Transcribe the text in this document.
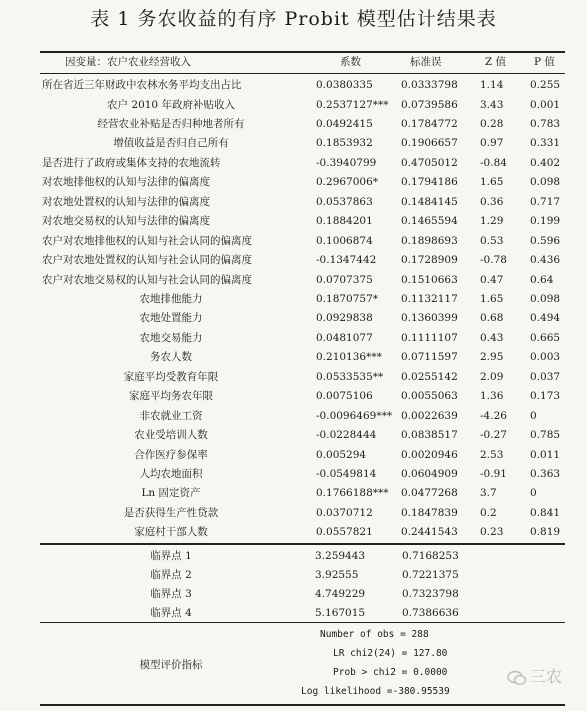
表 1 务农收益的有序 Probit 模型估计结果表
因变量：农户农业经营收入	系数	标准误	Z 值	P 值
所在省近三年财政中农林水务平均支出占比	0.0380335	0.0333798	1.14	0.255
农户 2010 年政府补贴收入	0.2537127***	0.0739586	3.43	0.001
经营农业补贴是否归种地者所有	0.0492415	0.1784772	0.28	0.783
增值收益是否归自己所有	0.1853932	0.1906657	0.97	0.331
是否进行了政府或集体支持的农地流转	-0.3940799	0.4705012	-0.84	0.402
对农地排他权的认知与法律的偏离度	0.2967006*	0.1794186	1.65	0.098
对农地处置权的认知与法律的偏离度	0.0537863	0.1484145	0.36	0.717
对农地交易权的认知与法律的偏离度	0.1884201	0.1465594	1.29	0.199
农户对农地排他权的认知与社会认同的偏离度	0.1006874	0.1898693	0.53	0.596
农户对农地处置权的认知与社会认同的偏离度	-0.1347442	0.1728909	-0.78	0.436
农户对农地交易权的认知与社会认同的偏离度	0.0707375	0.1510663	0.47	0.64
农地排他能力	0.1870757*	0.1132117	1.65	0.098
农地处置能力	0.0929838	0.1360399	0.68	0.494
农地交易能力	0.0481077	0.1111107	0.43	0.665
务农人数	0.210136***	0.0711597	2.95	0.003
家庭平均受教育年限	0.0533535**	0.0255142	2.09	0.037
家庭平均务农年限	0.0075106	0.0055063	1.36	0.173
非农就业工资	-0.0096469*** 0.0022639	-4.26	0
农业受培训人数	-0.0228444	0.0838517	-0.27	0.785
合作医疗参保率	0.005294	0.0020946	2.53	0.011
人均农地面积	-0.0549814	0.0604909	-0.91	0.363
Ln 固定资产	0.1766188***	0.0477268	3.7	0
是否获得生产性贷款	0.0370712	0.1847839	0.2	0.841
家庭村干部人数	0.0557821	0.2441543	0.23	0.819
临界点 1	3.259443	0.7168253
临界点 2	3.92555	0.7221375
临界点 3	4.749229	0.7323798
临界点 4	5.167015	0.7386636
模型评价指标
Number of obs = 288
LR chi2(24) = 127.80
Prob > chi2 = 0.0000
Log likelihood =-380.95539
三农
